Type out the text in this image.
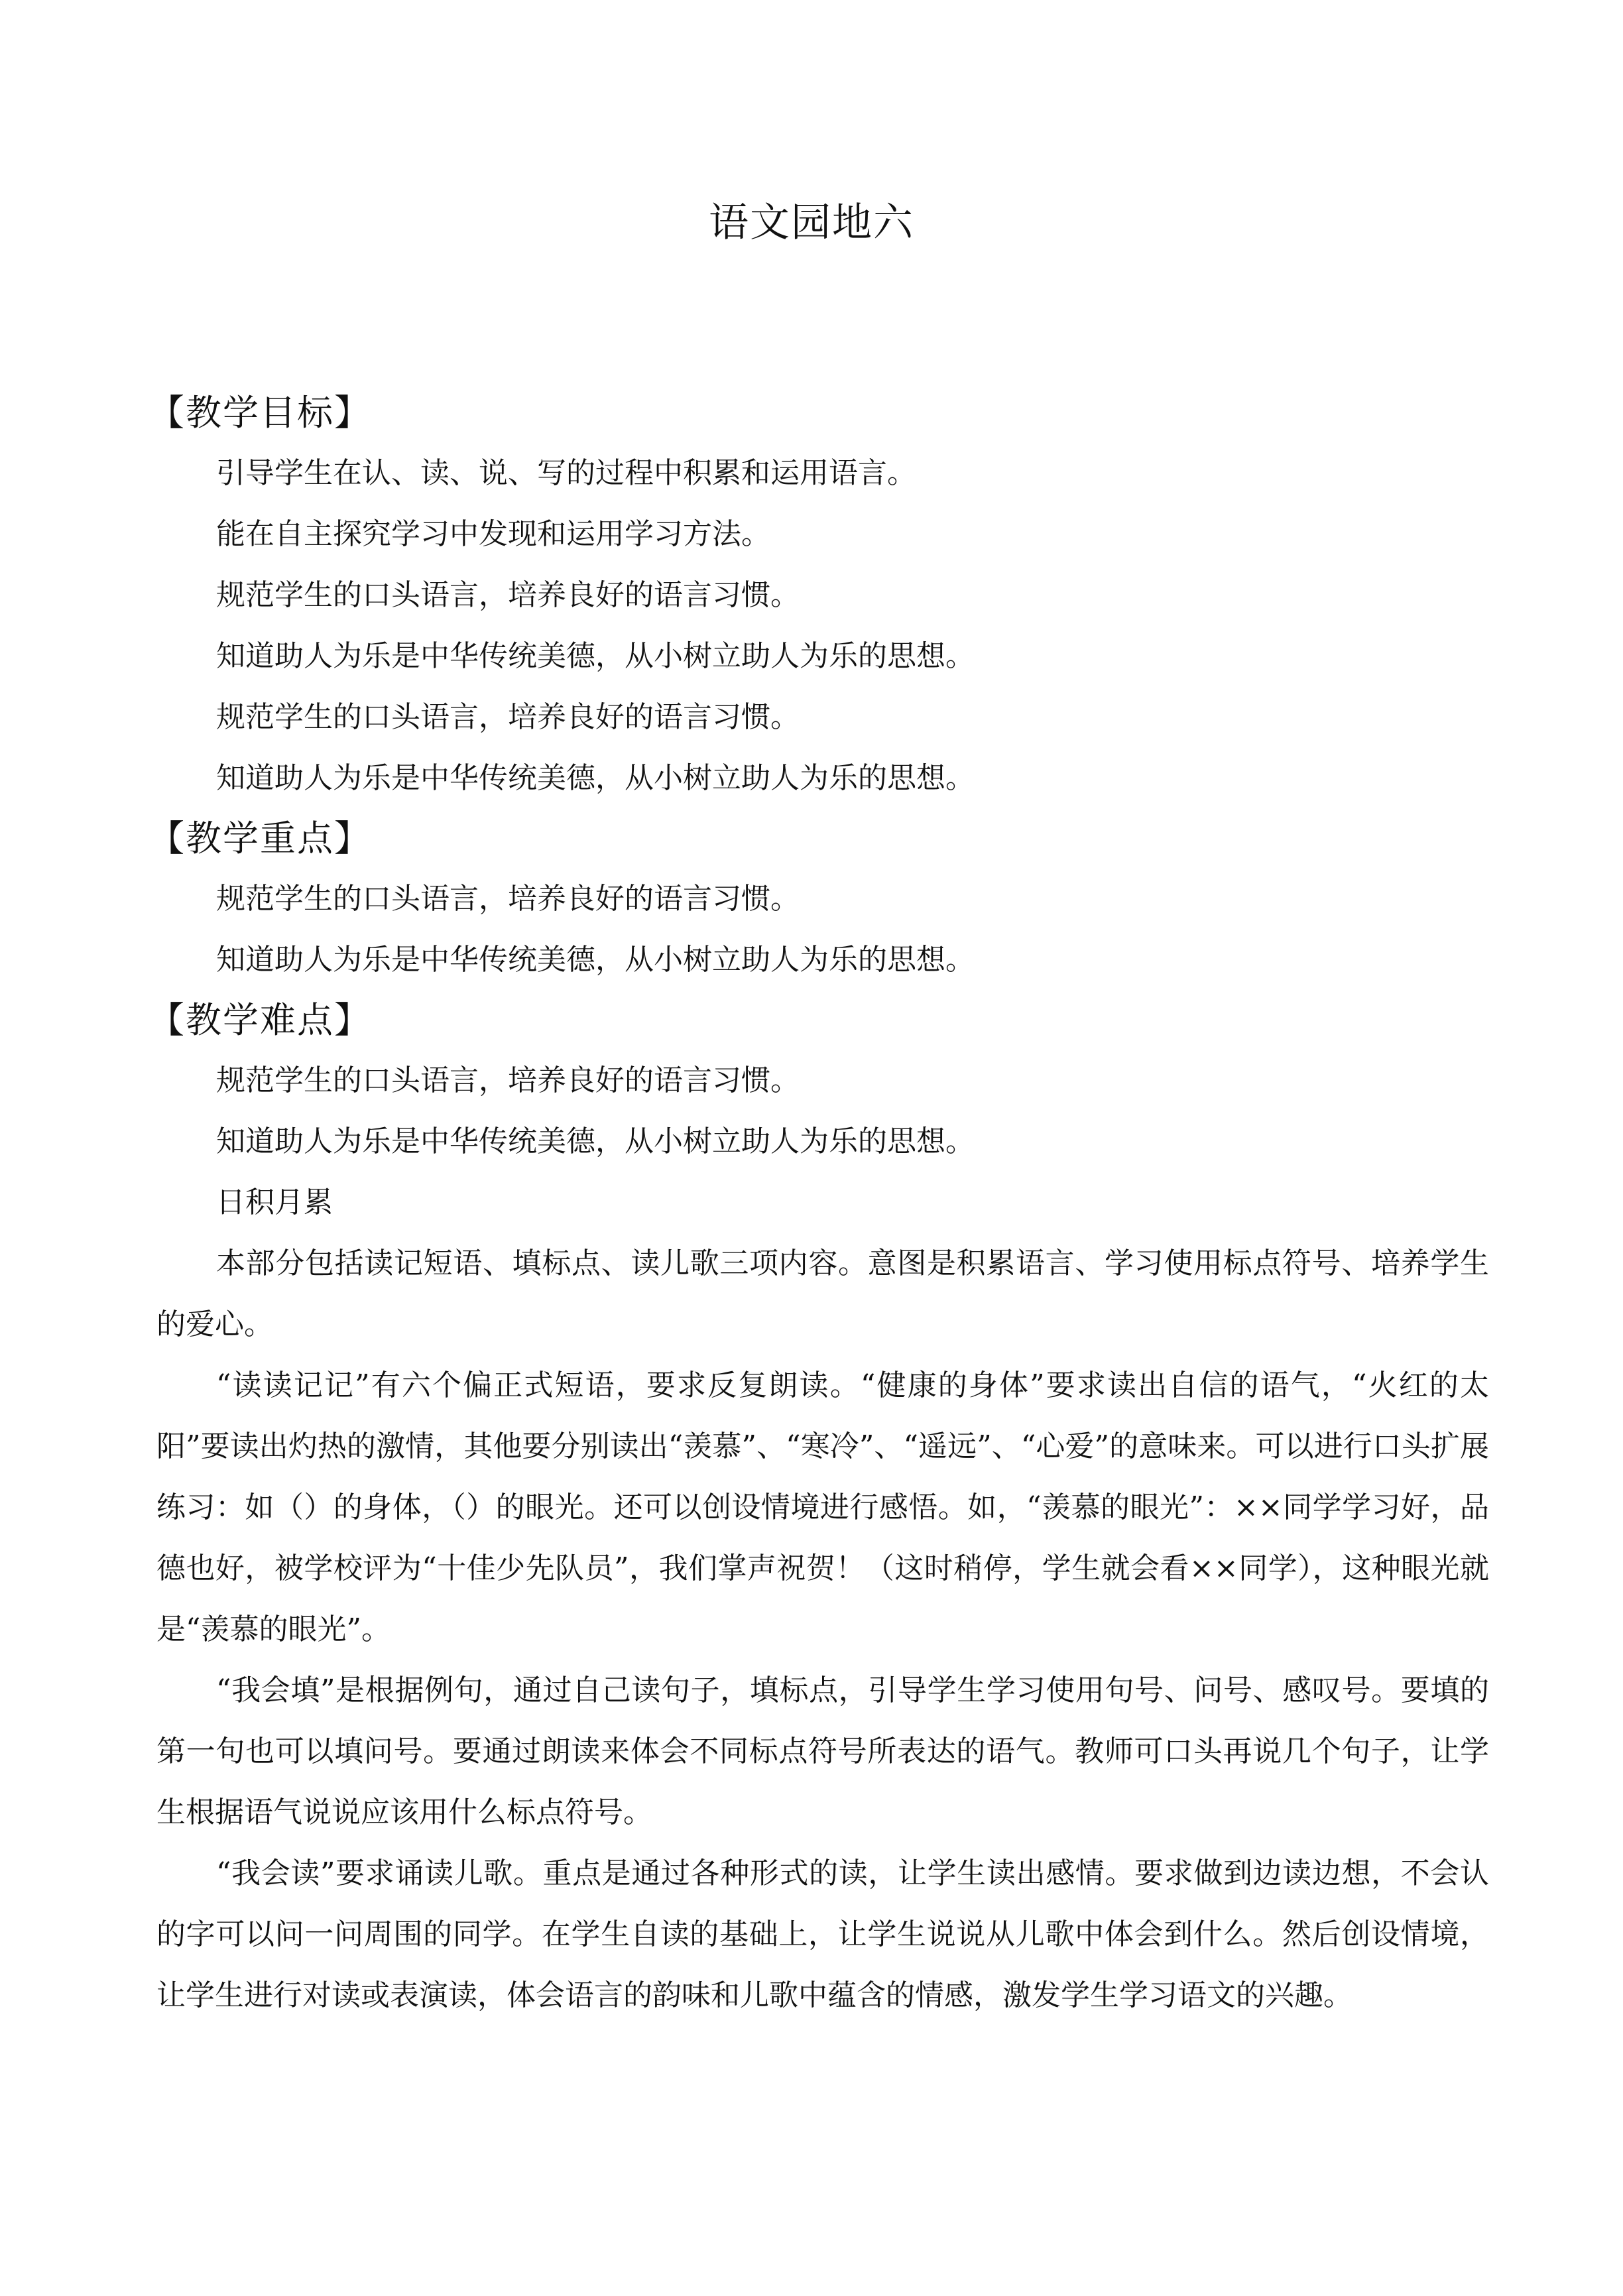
语文园地六
【教学目标】
引导学生在认、读、说、写的过程中积累和运用语言。
能在自主探究学习中发现和运用学习方法。
规范学生的口头语言，培养良好的语言习惯。
知道助人为乐是中华传统美德，从小树立助人为乐的思想。
规范学生的口头语言，培养良好的语言习惯。
知道助人为乐是中华传统美德，从小树立助人为乐的思想。
【教学重点】
规范学生的口头语言，培养良好的语言习惯。
知道助人为乐是中华传统美德，从小树立助人为乐的思想。
【教学难点】
规范学生的口头语言，培养良好的语言习惯。
知道助人为乐是中华传统美德，从小树立助人为乐的思想。
日积月累

本部分包括读记短语、填标点、读儿歌三项内容。意图是积累语言、学习使用标点符号、培养学生的爱心。

“读读记记”有六个偏正式短语，要求反复朗读。“健康的身体”要求读出自信的语气，“火红的太阳”要读出灼热的激情，其他要分别读出“羡慕”、“寒冷”、“遥远”、“心爱”的意味来。可以进行口头扩展练习：如（）的身体，（）的眼光。还可以创设情境进行感悟。如，“羡慕的眼光”：××同学学习好，品德也好，被学校评为“十佳少先队员”，我们掌声祝贺！（这时稍停，学生就会看××同学），这种眼光就是“羡慕的眼光”。

“我会填”是根据例句，通过自己读句子，填标点，引导学生学习使用句号、问号、感叹号。要填的第一句也可以填问号。要通过朗读来体会不同标点符号所表达的语气。教师可口头再说几个句子，让学生根据语气说说应该用什么标点符号。

“我会读”要求诵读儿歌。重点是通过各种形式的读，让学生读出感情。要求做到边读边想，不会认的字可以问一问周围的同学。在学生自读的基础上，让学生说说从儿歌中体会到什么。然后创设情境，让学生进行对读或表演读，体会语言的韵味和儿歌中蕴含的情感，激发学生学习语文的兴趣。
